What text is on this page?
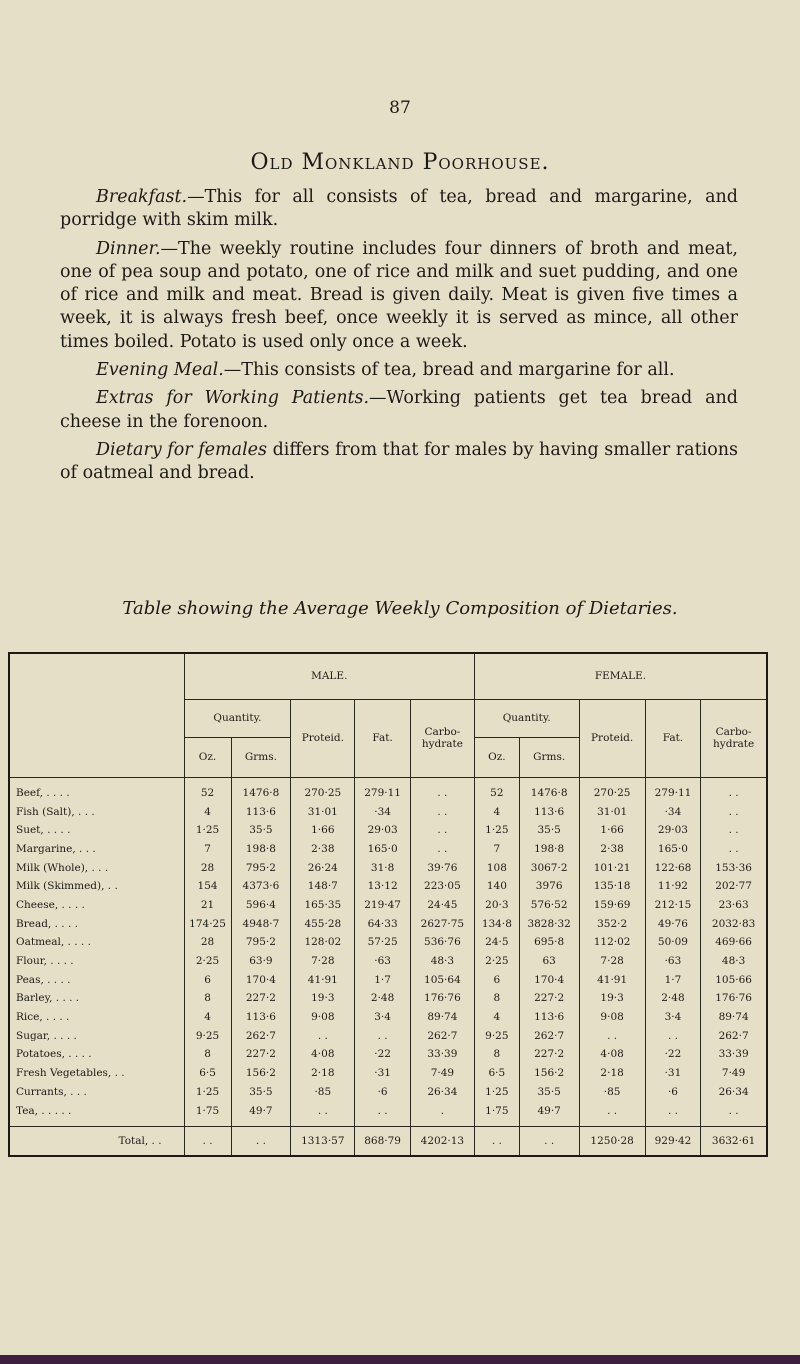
87
Old Monkland Poorhouse.

Breakfast.—This for all consists of tea, bread and margarine, and porridge with skim milk.

Dinner.—The weekly routine includes four dinners of broth and meat, one of pea soup and potato, one of rice and milk and suet pudding, and one of rice and milk and meat. Bread is given daily. Meat is given five times a week, it is always fresh beef, once weekly it is served as mince, all other times boiled. Potato is used only once a week.

Evening Meal.—This consists of tea, bread and margarine for all.

Extras for Working Patients.—Working patients get tea bread and cheese in the forenoon.

Dietary for females differs from that for males by having smaller rations of oatmeal and bread.

Table showing the Average Weekly Composition of Dietaries.
	MALE.					FEMALE.				
	Quantity.		Proteid.	Fat.	Carbo-hydrate	Quantity.		Proteid.	Fat.	Carbo-hydrate
	Oz.	Grms.				Oz.	Grms.			
Beef, . . . .	52	1476·8	270·25	279·11	. .	52	1476·8	270·25	279·11	. .
Fish (Salt), . . .	4	113·6	31·01	·34	. .	4	113·6	31·01	·34	. .
Suet, . . . .	1·25	35·5	1·66	29·03	. .	1·25	35·5	1·66	29·03	. .
Margarine, . . .	7	198·8	2·38	165·0	. .	7	198·8	2·38	165·0	. .
Milk (Whole), . . .	28	795·2	26·24	31·8	39·76	108	3067·2	101·21	122·68	153·36
Milk (Skimmed), . .	154	4373·6	148·7	13·12	223·05	140	3976	135·18	11·92	202·77
Cheese, . . . .	21	596·4	165·35	219·47	24·45	20·3	576·52	159·69	212·15	23·63
Bread, . . . .	174·25	4948·7	455·28	64·33	2627·75	134·8	3828·32	352·2	49·76	2032·83
Oatmeal, . . . .	28	795·2	128·02	57·25	536·76	24·5	695·8	112·02	50·09	469·66
Flour, . . . .	2·25	63·9	7·28	·63	48·3	2·25	63	7·28	·63	48·3
Peas, . . . .	6	170·4	41·91	1·7	105·64	6	170·4	41·91	1·7	105·66
Barley, . . . .	8	227·2	19·3	2·48	176·76	8	227·2	19·3	2·48	176·76
Rice, . . . .	4	113·6	9·08	3·4	89·74	4	113·6	9·08	3·4	89·74
Sugar, . . . .	9·25	262·7	. .	. .	262·7	9·25	262·7	. .	. .	262·7
Potatoes, . . . .	8	227·2	4·08	·22	33·39	8	227·2	4·08	·22	33·39
Fresh Vegetables, . .	6·5	156·2	2·18	·31	7·49	6·5	156·2	2·18	·31	7·49
Currants, . . .	1·25	35·5	·85	·6	26·34	1·25	35·5	·85	·6	26·34
Tea, . . . . .	1·75	49·7	. .	. .	.	1·75	49·7	. .	. .	. .
Total, . .	. .	. .	1313·57	868·79	4202·13	. .	. .	1250·28	929·42	3632·61
